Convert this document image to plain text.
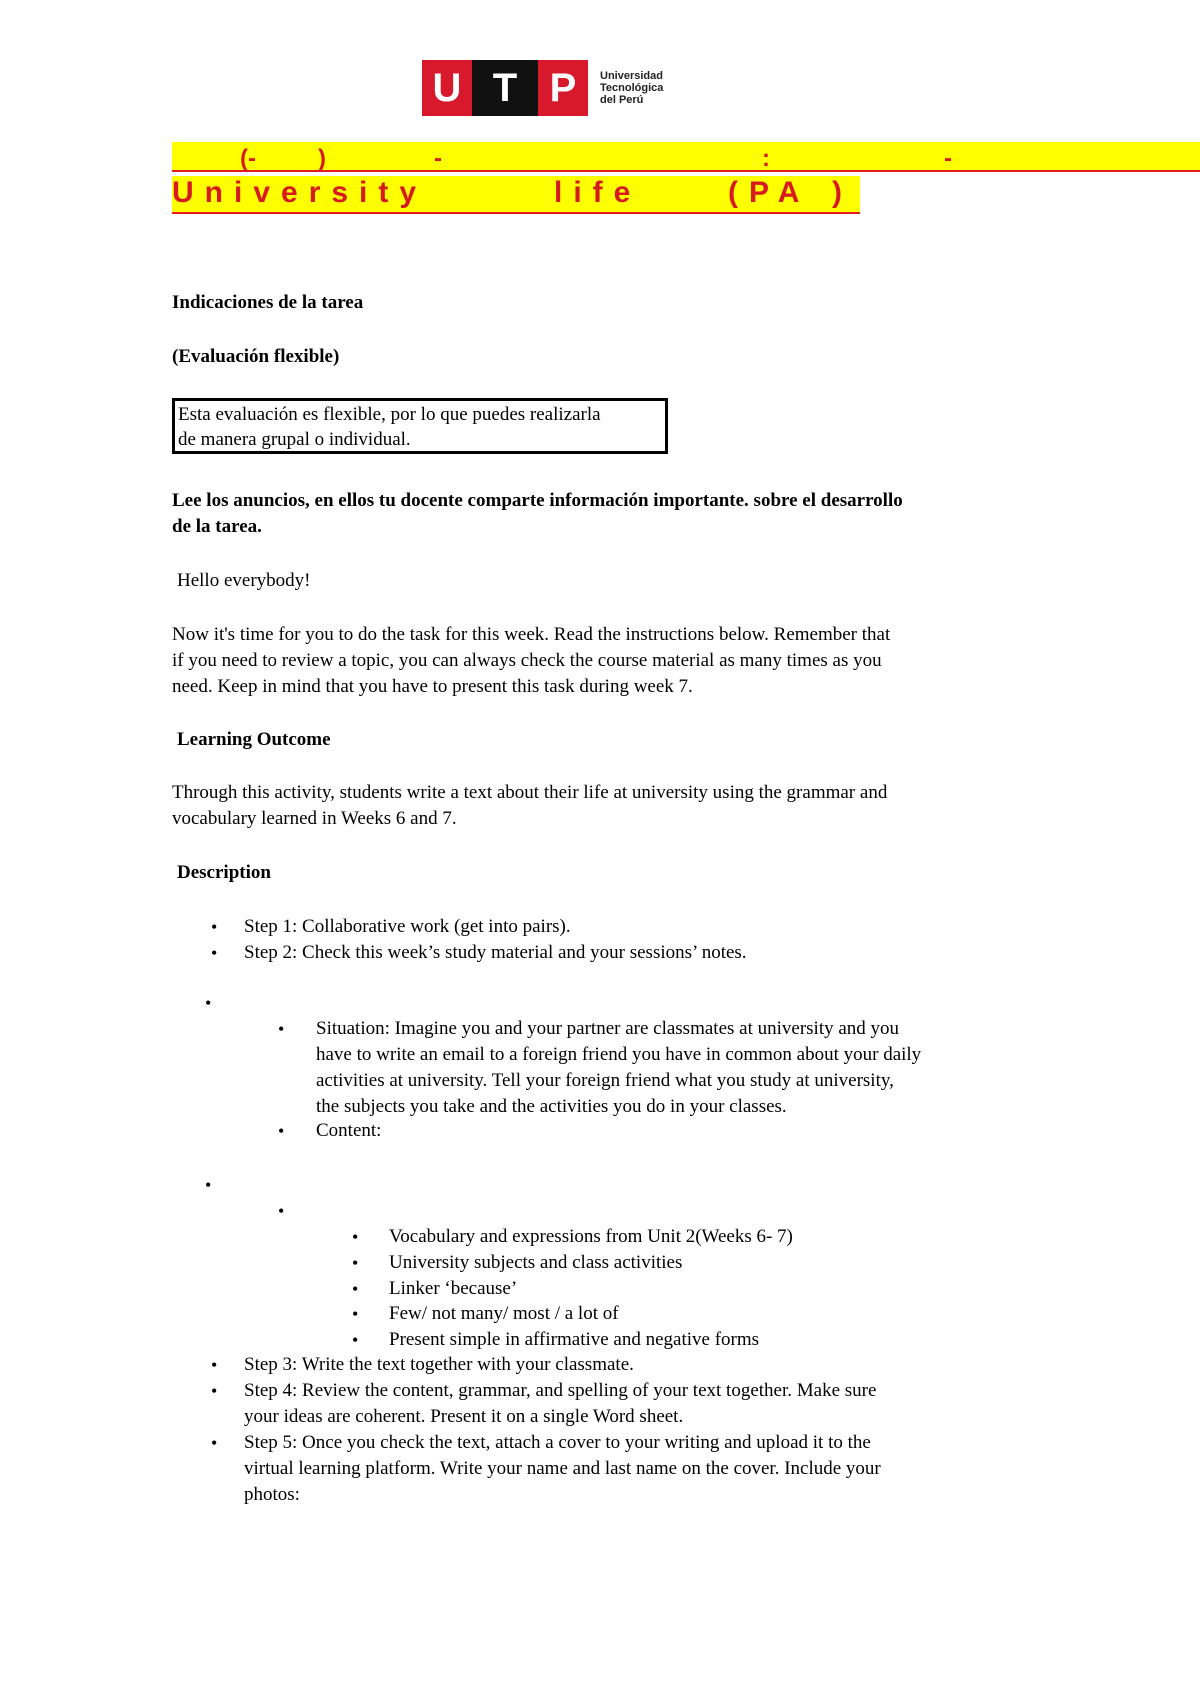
U T P	Universidad
Tecnológica
del Perú
(-	)	-	:	-
University	life	(PA )
Indicaciones de la tarea
(Evaluación flexible)
Esta evaluación es flexible, por lo que puedes realizarla
de manera grupal o individual.
Lee los anuncios, en ellos tu docente comparte información importante. sobre el desarrollo
de la tarea.
Hello everybody!
Now it's time for you to do the task for this week. Read the instructions below. Remember that
if you need to review a topic, you can always check the course material as many times as you
need. Keep in mind that you have to present this task during week 7.
Learning Outcome
Through this activity, students write a text about their life at university using the grammar and
vocabulary learned in Weeks 6 and 7.
Description
• Step 1: Collaborative work (get into pairs).
• Step 2: Check this week’s study material and your sessions’ notes.
•
• Situation: Imagine you and your partner are classmates at university and you
have to write an email to a foreign friend you have in common about your daily
activities at university. Tell your foreign friend what you study at university,
the subjects you take and the activities you do in your classes.
• Content:
•
•
• Vocabulary and expressions from Unit 2(Weeks 6- 7)
• University subjects and class activities
• Linker ‘because’
• Few/ not many/ most / a lot of
• Present simple in affirmative and negative forms
• Step 3: Write the text together with your classmate.
• Step 4: Review the content, grammar, and spelling of your text together. Make sure
your ideas are coherent. Present it on a single Word sheet.
• Step 5: Once you check the text, attach a cover to your writing and upload it to the
virtual learning platform. Write your name and last name on the cover. Include your
photos:
